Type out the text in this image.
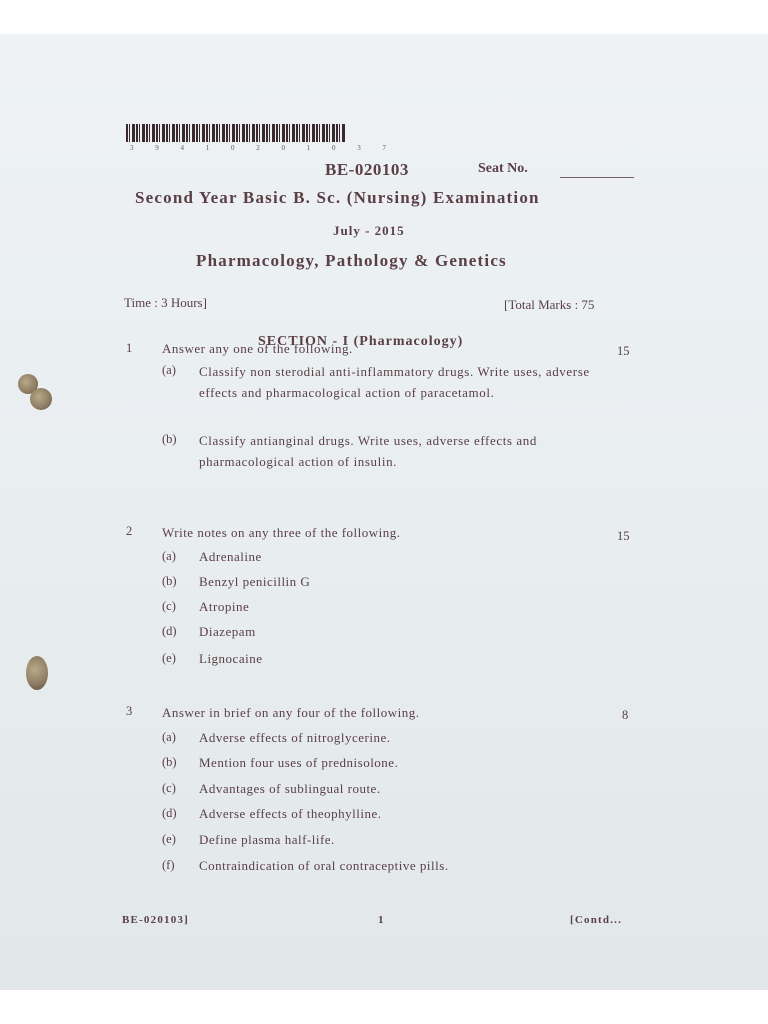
3 9 4 1 0 2 0 1 0 3 7
BE-020103	Seat No.
Second Year Basic B. Sc. (Nursing) Examination
July - 2015
Pharmacology, Pathology & Genetics
Time : 3 Hours]	[Total Marks : 75
SECTION - I (Pharmacology)
1 Answer any one of the following.	15
(a) Classify non sterodial anti-inflammatory drugs. Write uses, adverse effects and pharmacological action of paracetamol.
(b) Classify antianginal drugs. Write uses, adverse effects and pharmacological action of insulin.
2 Write notes on any three of the following.	15
(a) Adrenaline
(b) Benzyl penicillin G
(c) Atropine
(d) Diazepam
(e) Lignocaine
3 Answer in brief on any four of the following.	8
(a) Adverse effects of nitroglycerine.
(b) Mention four uses of prednisolone.
(c) Advantages of sublingual route.
(d) Adverse effects of theophylline.
(e) Define plasma half-life.
(f) Contraindication of oral contraceptive pills.
BE-020103]	1	[Contd...
